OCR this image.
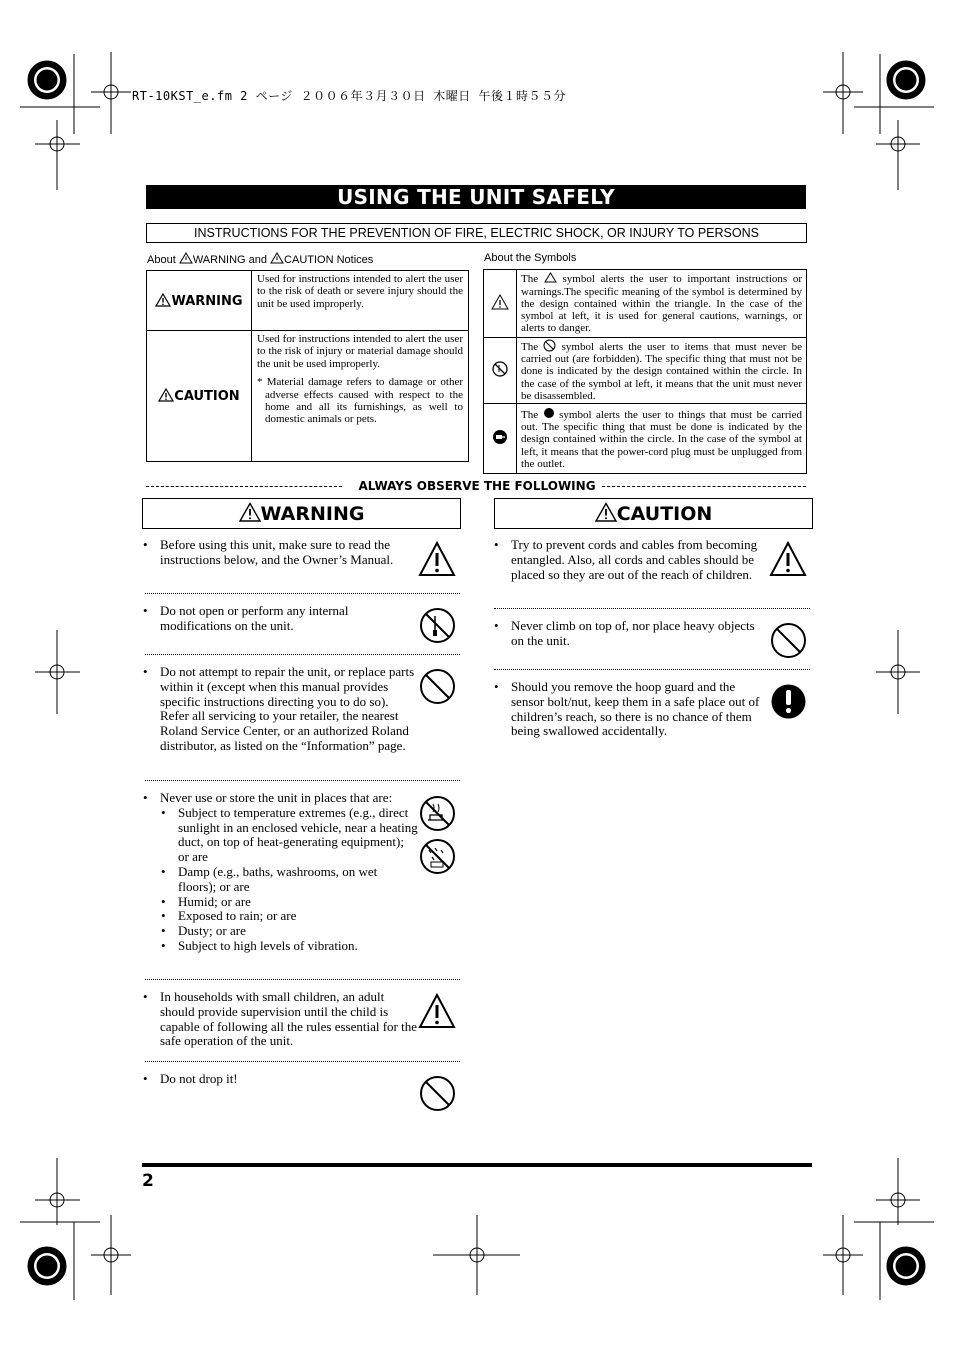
RT-10KST_e.fm 2 ページ ２００６年３月３０日 木曜日 午後１時５５分
USING THE UNIT SAFELY
INSTRUCTIONS FOR THE PREVENTION OF FIRE, ELECTRIC SHOCK, OR INJURY TO PERSONS
About WARNING and CAUTION Notices
WARNING	Used for instructions intended to alert the user to the risk of death or severe injury should the unit be used improperly.
CAUTION	Used for instructions intended to alert the user to the risk of injury or material damage should the unit be used improperly.
* Material damage refers to damage or other adverse effects caused with respect to the home and all its furnishings, as well to domestic animals or pets.
About the Symbols
	The symbol alerts the user to important instructions or warnings.The specific meaning of the symbol is determined by the design contained within the triangle. In the case of the symbol at left, it is used for general cautions, warnings, or alerts to danger.
	The symbol alerts the user to items that must never be carried out (are forbidden). The specific thing that must not be done is indicated by the design contained within the circle. In the case of the symbol at left, it means that the unit must never be disassembled.
	The symbol alerts the user to things that must be carried out. The specific thing that must be done is indicated by the design contained within the circle. In the case of the symbol at left, it means that the power-cord plug must be unplugged from the outlet.
ALWAYS OBSERVE THE FOLLOWING
WARNING
• Before using this unit, make sure to read the instructions below, and the Owner’s Manual.
• Do not open or perform any internal modifications on the unit.
• Do not attempt to repair the unit, or replace parts within it (except when this manual provides specific instructions directing you to do so). Refer all servicing to your retailer, the nearest Roland Service Center, or an authorized Roland distributor, as listed on the “Information” page.
• Never use or store the unit in places that are:
• Subject to temperature extremes (e.g., direct sunlight in an enclosed vehicle, near a heating duct, on top of heat-generating equipment); or are
• Damp (e.g., baths, washrooms, on wet floors); or are
• Humid; or are
• Exposed to rain; or are
• Dusty; or are
• Subject to high levels of vibration.
• In households with small children, an adult should provide supervision until the child is capable of following all the rules essential for the safe operation of the unit.
• Do not drop it!
CAUTION
• Try to prevent cords and cables from becoming entangled. Also, all cords and cables should be placed so they are out of the reach of children.
• Never climb on top of, nor place heavy objects on the unit.
• Should you remove the hoop guard and the sensor bolt/nut, keep them in a safe place out of children’s reach, so there is no chance of them being swallowed accidentally.
2
